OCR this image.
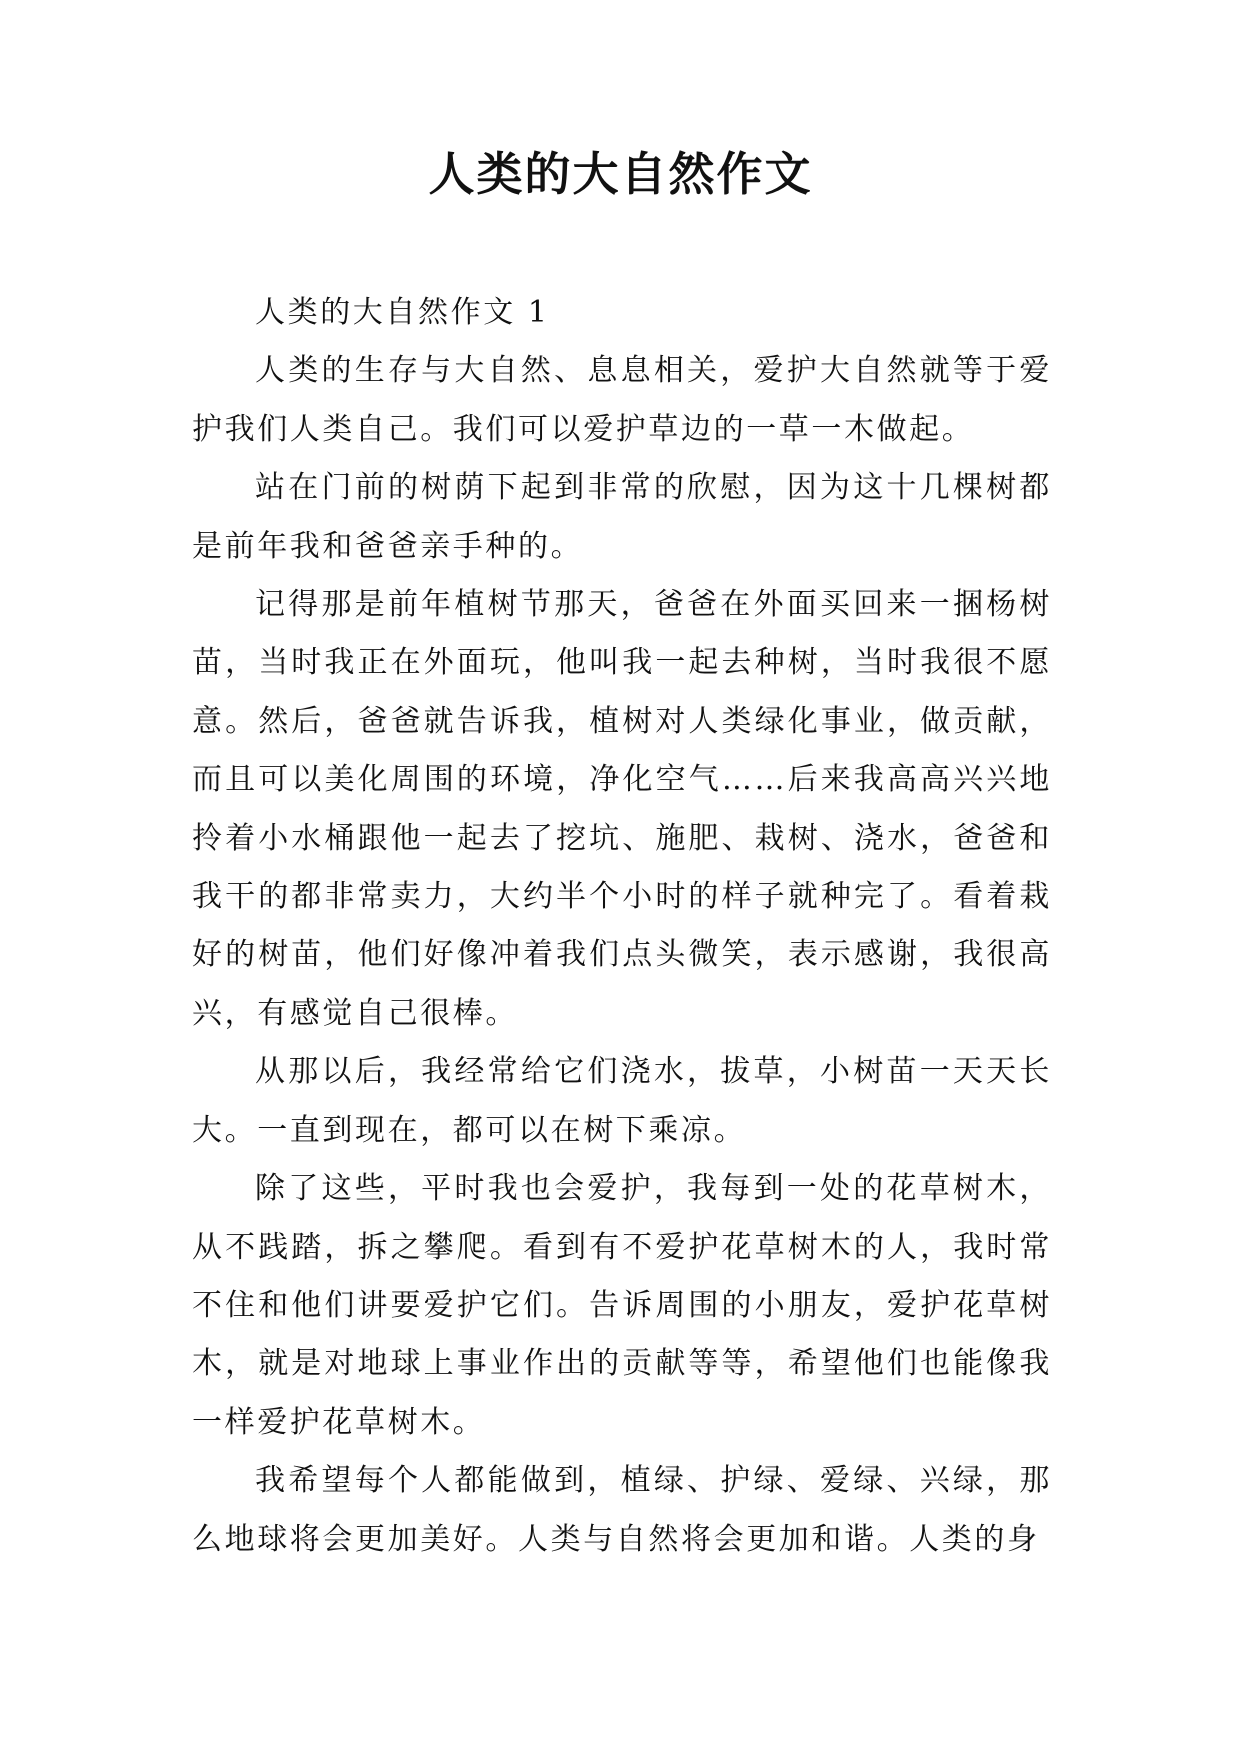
人类的大自然作文

人类的大自然作文 1

人类的生存与大自然、息息相关，爱护大自然就等于爱护我们人类自己。我们可以爱护草边的一草一木做起。

站在门前的树荫下起到非常的欣慰，因为这十几棵树都是前年我和爸爸亲手种的。

记得那是前年植树节那天，爸爸在外面买回来一捆杨树苗，当时我正在外面玩，他叫我一起去种树，当时我很不愿意。然后，爸爸就告诉我，植树对人类绿化事业，做贡献，而且可以美化周围的环境，净化空气……后来我高高兴兴地拎着小水桶跟他一起去了挖坑、施肥、栽树、浇水，爸爸和我干的都非常卖力，大约半个小时的样子就种完了。看着栽好的树苗，他们好像冲着我们点头微笑，表示感谢，我很高兴，有感觉自己很棒。

从那以后，我经常给它们浇水，拔草，小树苗一天天长大。一直到现在，都可以在树下乘凉。

除了这些，平时我也会爱护，我每到一处的花草树木，从不践踏，拆之攀爬。看到有不爱护花草树木的人，我时常不住和他们讲要爱护它们。告诉周围的小朋友，爱护花草树木，就是对地球上事业作出的贡献等等，希望他们也能像我一样爱护花草树木。

我希望每个人都能做到，植绿、护绿、爱绿、兴绿，那么地球将会更加美好。人类与自然将会更加和谐。人类的身
